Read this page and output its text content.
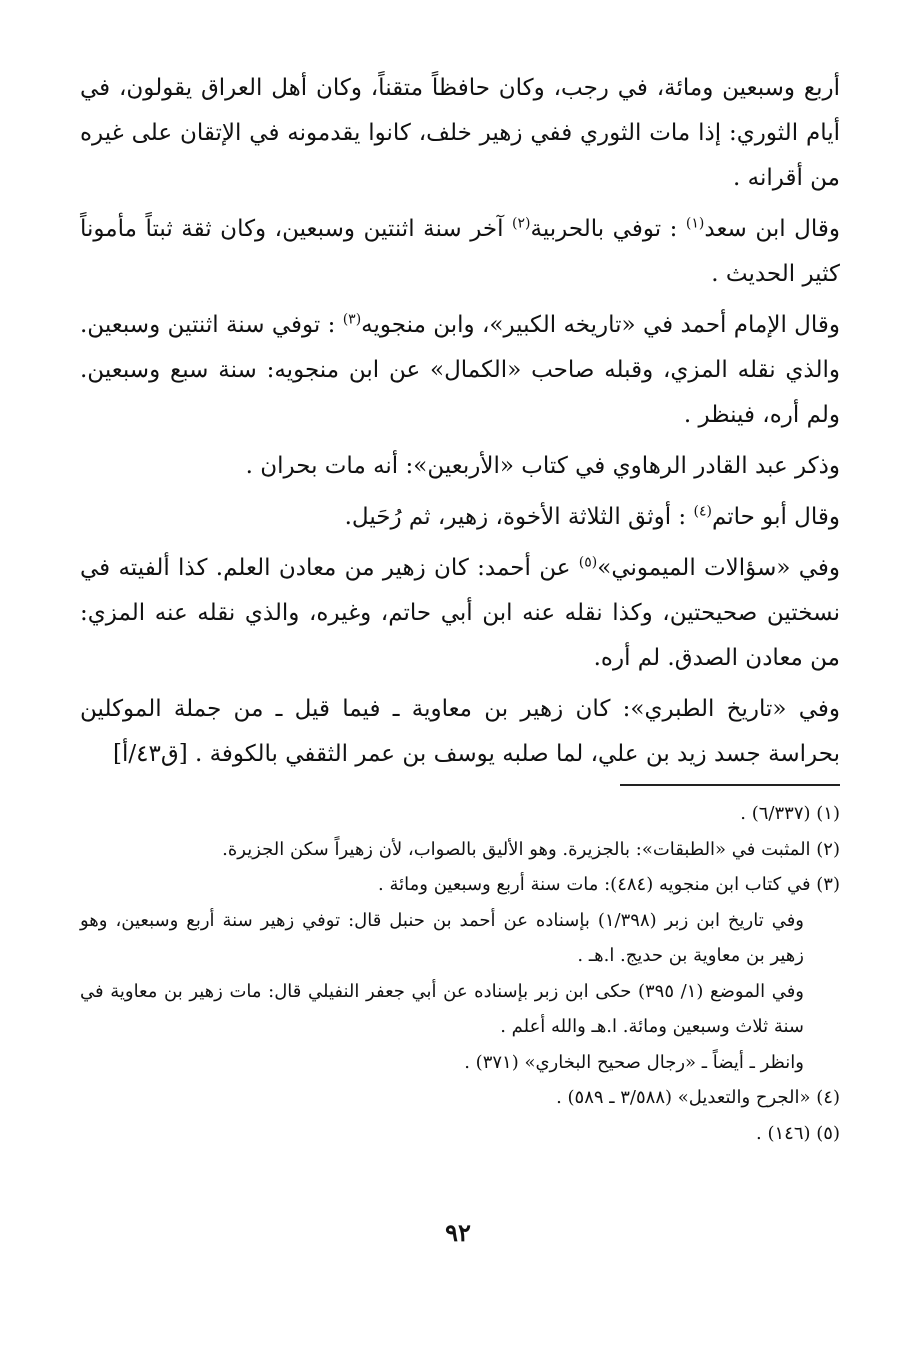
أربع وسبعين ومائة، في رجب، وكان حافظاً متقناً، وكان أهل العراق يقولون، في أيام الثوري: إذا مات الثوري ففي زهير خلف، كانوا يقدمونه في الإتقان على غيره من أقرانه .

وقال ابن سعد$^{(١)}$ : توفي بالحربية$^{(٢)}$ آخر سنة اثنتين وسبعين، وكان ثقة ثبتاً مأموناً كثير الحديث .

وقال الإمام أحمد في «تاريخه الكبير»، وابن منجويه$^{(٣)}$ : توفي سنة اثنتين وسبعين. والذي نقله المزي، وقبله صاحب «الكمال» عن ابن منجويه: سنة سبع وسبعين. ولم أره، فينظر .

وذكر عبد القادر الرهاوي في كتاب «الأربعين»: أنه مات بحران .

وقال أبو حاتم$^{(٤)}$ : أوثق الثلاثة الأخوة، زهير، ثم رُحَيل.

وفي «سؤالات الميموني»$^{(٥)}$ عن أحمد: كان زهير من معادن العلم. كذا ألفيته في نسختين صحيحتين، وكذا نقله عنه ابن أبي حاتم، وغيره، والذي نقله عنه المزي: من معادن الصدق. لم أره.

وفي «تاريخ الطبري»: كان زهير بن معاوية ـ فيما قيل ـ من جملة الموكلين بحراسة جسد زيد بن علي، لما صلبه يوسف بن عمر الثقفي بالكوفة . [ق٤٣/أ]

(١) (٦/٣٣٧) .

(٢) المثبت في «الطبقات»: بالجزيرة. وهو الأليق بالصواب، لأن زهيراً سكن الجزيرة.

(٣) في كتاب ابن منجويه (٤٨٤): مات سنة أربع وسبعين ومائة .

وفي تاريخ ابن زبر (١/٣٩٨) بإسناده عن أحمد بن حنبل قال: توفي زهير سنة أربع وسبعين، وهو زهير بن معاوية بن حديج. ا.هـ .

وفي الموضع (١/ ٣٩٥) حكى ابن زبر بإسناده عن أبي جعفر النفيلي قال: مات زهير بن معاوية في سنة ثلاث وسبعين ومائة. ا.هـ والله أعلم .

وانظر ـ أيضاً ـ «رجال صحيح البخاري» (٣٧١) .

(٤) «الجرح والتعديل» (٣/٥٨٨ ـ ٥٨٩) .

(٥) (١٤٦) .

٩٢
